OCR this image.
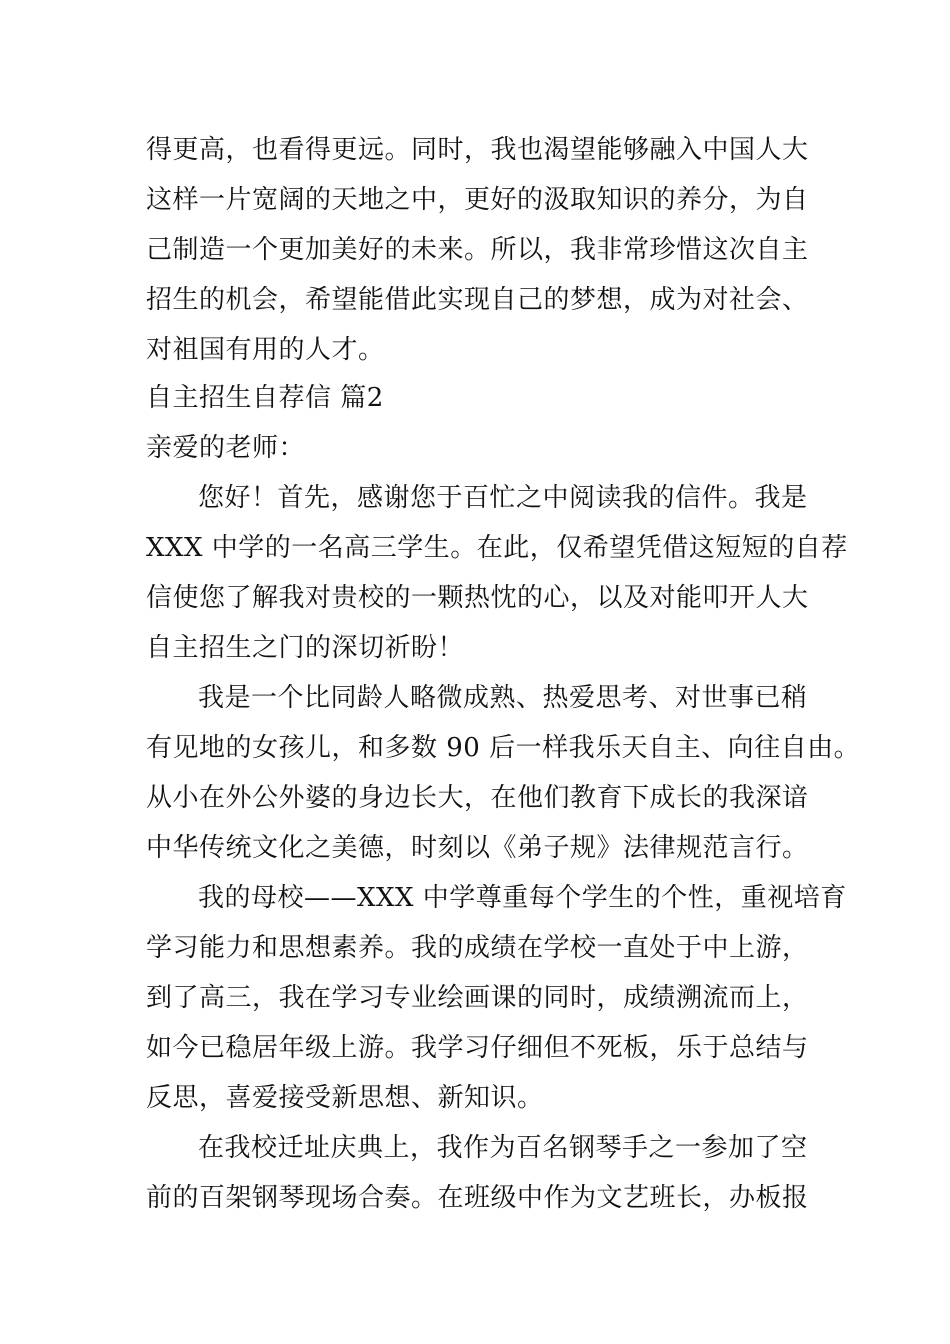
得更高，也看得更远。同时，我也渴望能够融入中国人大
这样一片宽阔的天地之中，更好的汲取知识的养分，为自
己制造一个更加美好的未来。所以，我非常珍惜这次自主
招生的机会，希望能借此实现自己的梦想，成为对社会、
对祖国有用的人才。
自主招生自荐信 篇2
亲爱的老师：
您好！首先，感谢您于百忙之中阅读我的信件。我是
XXX 中学的一名高三学生。在此，仅希望凭借这短短的自荐
信使您了解我对贵校的一颗热忱的心，以及对能叩开人大
自主招生之门的深切祈盼！
我是一个比同龄人略微成熟、热爱思考、对世事已稍
有见地的女孩儿，和多数 90 后一样我乐天自主、向往自由。
从小在外公外婆的身边长大，在他们教育下成长的我深谙
中华传统文化之美德，时刻以《弟子规》法律规范言行。
我的母校——XXX 中学尊重每个学生的个性，重视培育
学习能力和思想素养。我的成绩在学校一直处于中上游，
到了高三，我在学习专业绘画课的同时，成绩溯流而上，
如今已稳居年级上游。我学习仔细但不死板，乐于总结与
反思，喜爱接受新思想、新知识。
在我校迁址庆典上，我作为百名钢琴手之一参加了空
前的百架钢琴现场合奏。在班级中作为文艺班长，办板报
